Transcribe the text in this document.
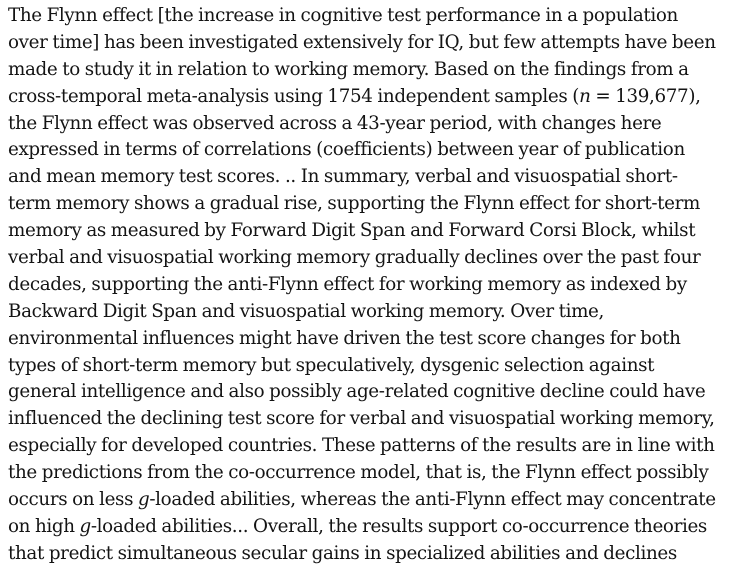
The Flynn effect [the increase in cognitive test performance in a population
over time] has been investigated extensively for IQ, but few attempts have been
made to study it in relation to working memory. Based on the findings from a
cross-temporal meta-analysis using 1754 independent samples (n = 139,677),
the Flynn effect was observed across a 43-year period, with changes here
expressed in terms of correlations (coefficients) between year of publication
and mean memory test scores. .. In summary, verbal and visuospatial short-
term memory shows a gradual rise, supporting the Flynn effect for short-term
memory as measured by Forward Digit Span and Forward Corsi Block, whilst
verbal and visuospatial working memory gradually declines over the past four
decades, supporting the anti-Flynn effect for working memory as indexed by
Backward Digit Span and visuospatial working memory. Over time,
environmental influences might have driven the test score changes for both
types of short-term memory but speculatively, dysgenic selection against
general intelligence and also possibly age-related cognitive decline could have
influenced the declining test score for verbal and visuospatial working memory,
especially for developed countries. These patterns of the results are in line with
the predictions from the co-occurrence model, that is, the Flynn effect possibly
occurs on less g-loaded abilities, whereas the anti-Flynn effect may concentrate
on high g-loaded abilities... Overall, the results support co-occurrence theories
that predict simultaneous secular gains in specialized abilities and declines
